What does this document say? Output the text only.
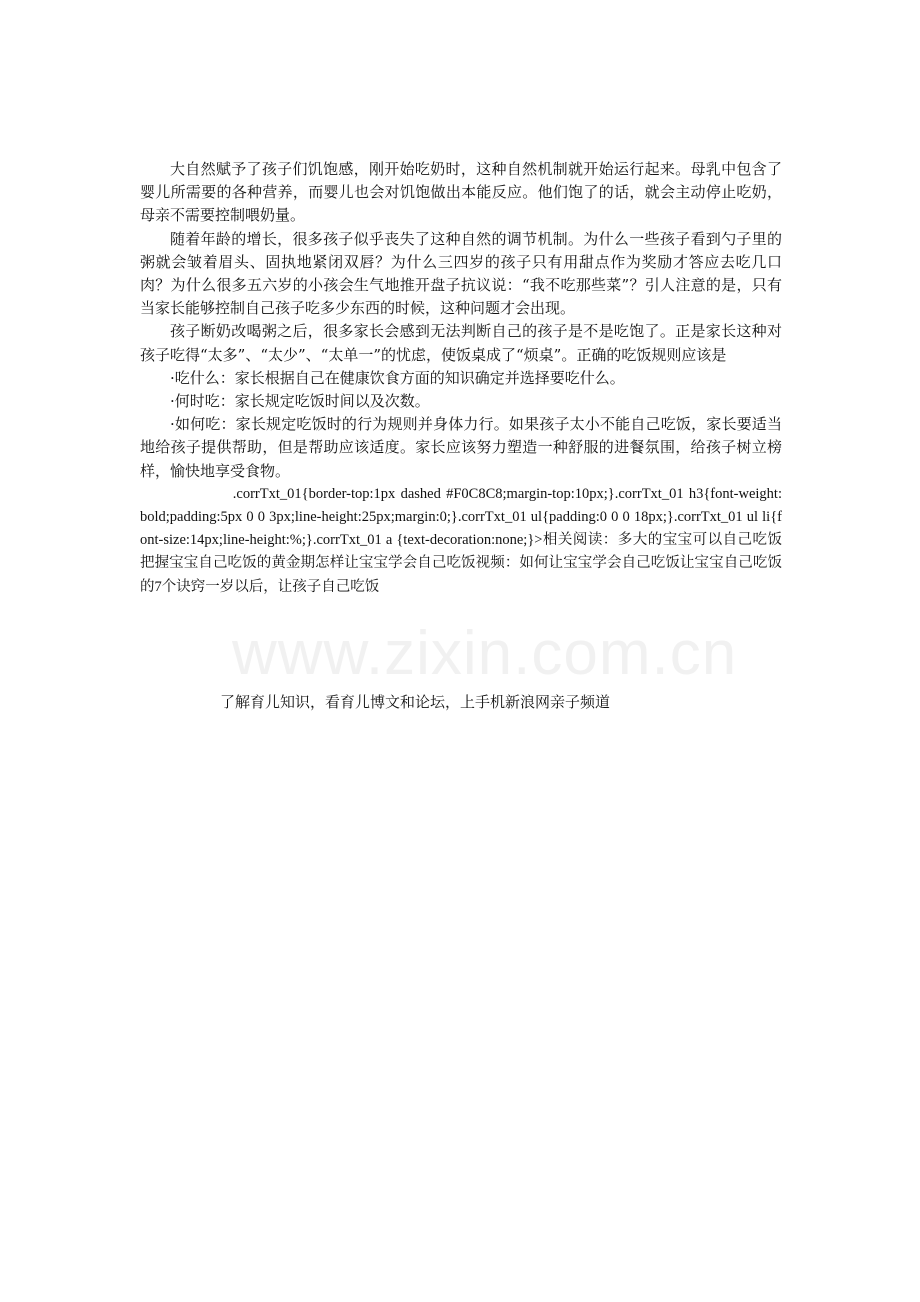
www.zixin.com.cn

大自然赋予了孩子们饥饱感，刚开始吃奶时，这种自然机制就开始运行起来。母乳中包含了婴儿所需要的各种营养，而婴儿也会对饥饱做出本能反应。他们饱了的话，就会主动停止吃奶，母亲不需要控制喂奶量。

随着年龄的增长，很多孩子似乎丧失了这种自然的调节机制。为什么一些孩子看到勺子里的粥就会皱着眉头、固执地紧闭双唇？为什么三四岁的孩子只有用甜点作为奖励才答应去吃几口肉？为什么很多五六岁的小孩会生气地推开盘子抗议说：“我不吃那些菜”？引人注意的是，只有当家长能够控制自己孩子吃多少东西的时候，这种问题才会出现。

孩子断奶改喝粥之后，很多家长会感到无法判断自己的孩子是不是吃饱了。正是家长这种对孩子吃得“太多”、“太少”、“太单一”的忧虑，使饭桌成了“烦桌”。正确的吃饭规则应该是

·吃什么：家长根据自己在健康饮食方面的知识确定并选择要吃什么。

·何时吃：家长规定吃饭时间以及次数。

·如何吃：家长规定吃饭时的行为规则并身体力行。如果孩子太小不能自己吃饭，家长要适当地给孩子提供帮助，但是帮助应该适度。家长应该努力塑造一种舒服的进餐氛围，给孩子树立榜样，愉快地享受食物。

.corrTxt_01{border-top:1px dashed #F0C8C8;margin-top:10px;}.corrTxt_01 h3{font-weight:bold;padding:5px 0 0 3px;line-height:25px;margin:0;}.corrTxt_01 ul{padding:0 0 0 18px;}.corrTxt_01 ul li{font-size:14px;line-height:%;}.corrTxt_01 a {text-decoration:none;}>相关阅读：多大的宝宝可以自己吃饭把握宝宝自己吃饭的黄金期怎样让宝宝学会自己吃饭视频：如何让宝宝学会自己吃饭让宝宝自己吃饭的7个诀窍一岁以后，让孩子自己吃饭

了解育儿知识，看育儿博文和论坛，上手机新浪网亲子频道
